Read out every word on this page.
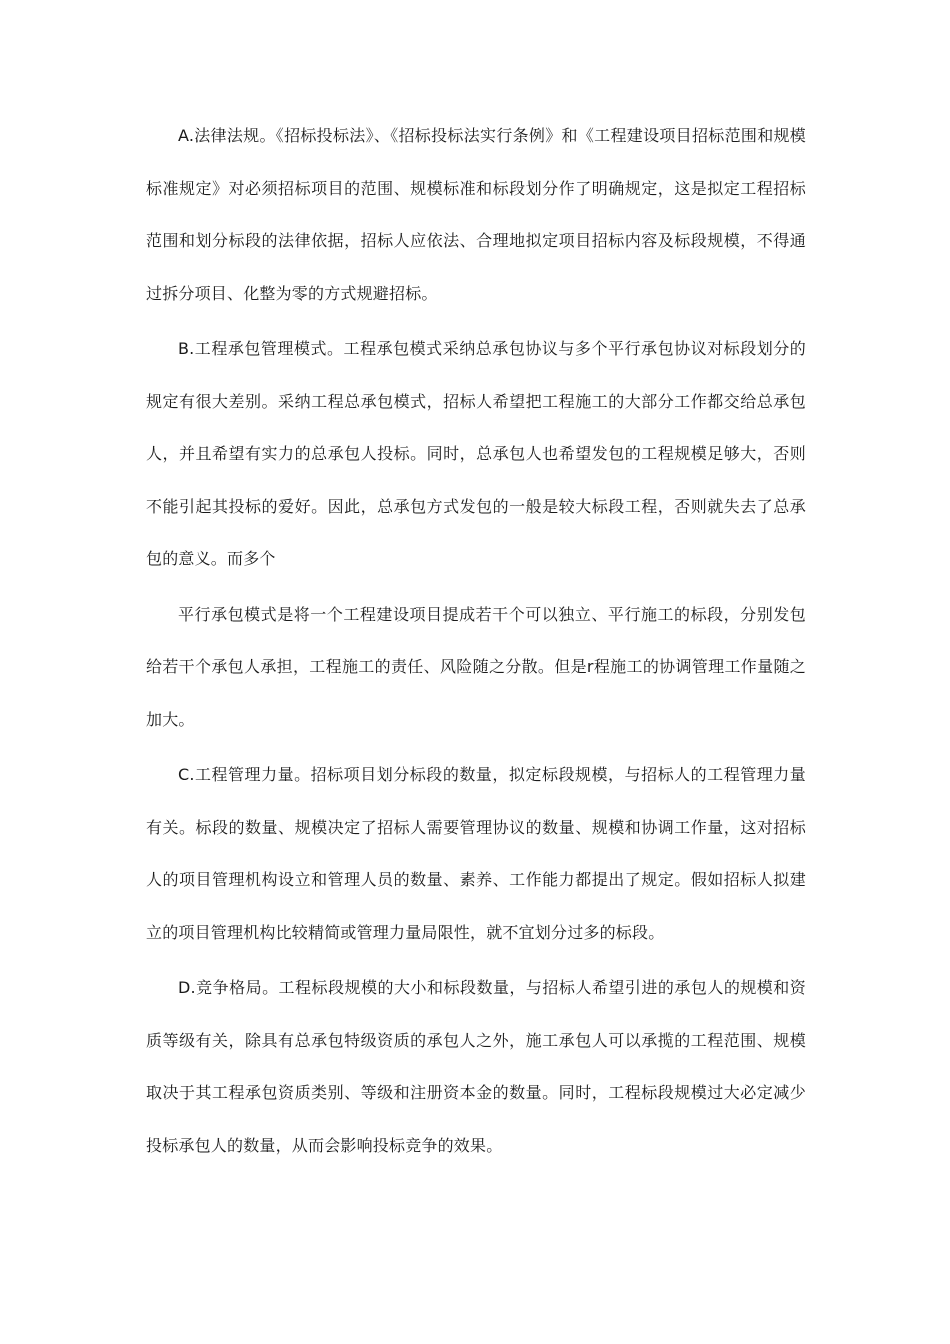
A.法律法规。《招标投标法》、《招标投标法实行条例》和《工程建设项目招标范围和规模标准规定》对必须招标项目的范围、规模标准和标段划分作了明确规定，这是拟定工程招标范围和划分标段的法律依据，招标人应依法、合理地拟定项目招标内容及标段规模，不得通过拆分项目、化整为零的方式规避招标。

B.工程承包管理模式。工程承包模式采纳总承包协议与多个平行承包协议对标段划分的规定有很大差别。采纳工程总承包模式，招标人希望把工程施工的大部分工作都交给总承包人，并且希望有实力的总承包人投标。同时，总承包人也希望发包的工程规模足够大，否则不能引起其投标的爱好。因此，总承包方式发包的一般是较大标段工程，否则就失去了总承包的意义。而多个

平行承包模式是将一个工程建设项目提成若干个可以独立、平行施工的标段，分别发包给若干个承包人承担，工程施工的责任、风险随之分散。但是r程施工的协调管理工作量随之加大。

C.工程管理力量。招标项目划分标段的数量，拟定标段规模，与招标人的工程管理力量有关。标段的数量、规模决定了招标人需要管理协议的数量、规模和协调工作量，这对招标人的项目管理机构设立和管理人员的数量、素养、工作能力都提出了规定。假如招标人拟建立的项目管理机构比较精简或管理力量局限性，就不宜划分过多的标段。

D.竞争格局。工程标段规模的大小和标段数量，与招标人希望引进的承包人的规模和资质等级有关，除具有总承包特级资质的承包人之外，施工承包人可以承揽的工程范围、规模取决于其工程承包资质类别、等级和注册资本金的数量。同时，工程标段规模过大必定减少投标承包人的数量，从而会影响投标竞争的效果。
